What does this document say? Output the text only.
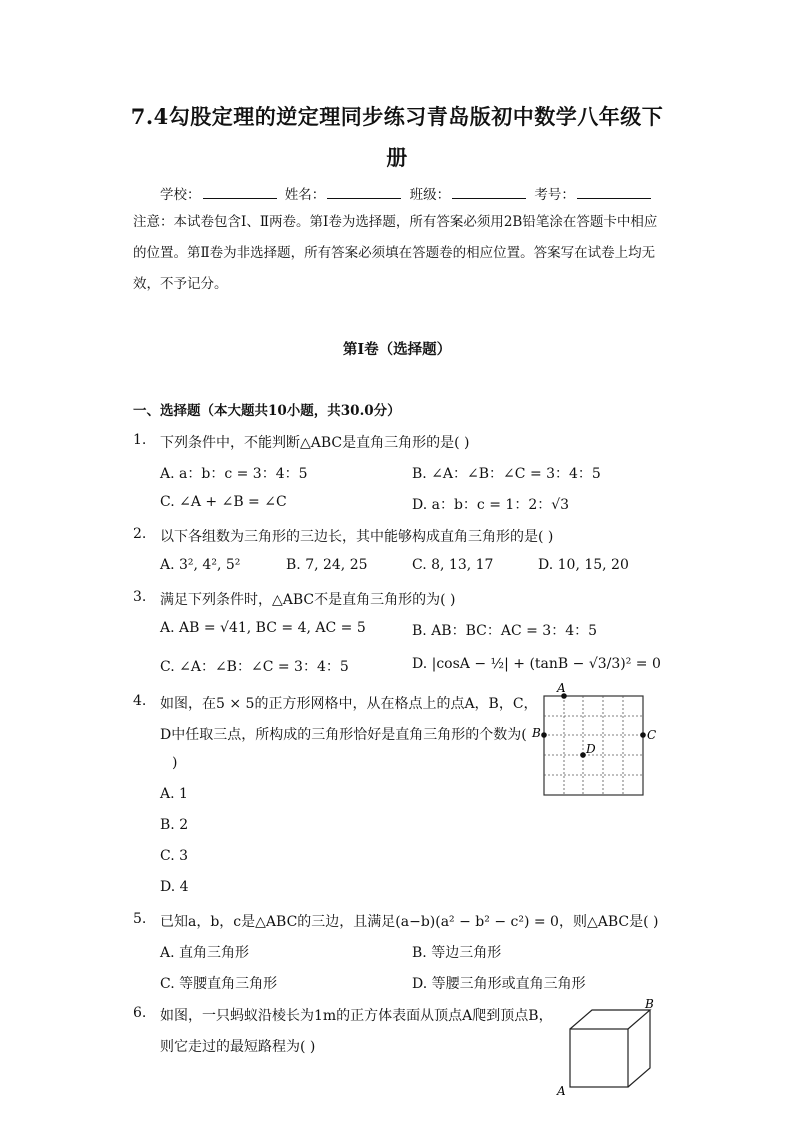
7.4勾股定理的逆定理同步练习青岛版初中数学八年级下
册
学校：	姓名：	班级：	考号：
注意：本试卷包含Ⅰ、Ⅱ两卷。第Ⅰ卷为选择题，所有答案必须用2B铅笔涂在答题卡中相应的位置。第Ⅱ卷为非选择题，所有答案必须填在答题卷的相应位置。答案写在试卷上均无效，不予记分。
第Ⅰ卷（选择题）
一、选择题（本大题共10小题，共30.0分）
1. 下列条件中，不能判断△ABC是直角三角形的是( )
A. a：b：c = 3：4：5	B. ∠A：∠B：∠C = 3：4：5
C. ∠A + ∠B = ∠C	D. a：b：c = 1：2：√3
2. 以下各组数为三角形的三边长，其中能够构成直角三角形的是( )
A. 3², 4², 5²	B. 7, 24, 25	C. 8, 13, 17	D. 10, 15, 20
3. 满足下列条件时，△ABC不是直角三角形的为( )
A. AB = √41, BC = 4, AC = 5	B. AB：BC：AC = 3：4：5
C. ∠A：∠B：∠C = 3：4：5	D. |cosA − ½| + (tanB − √3/3)² = 0
4. 如图，在5 × 5的正方形网格中，从在格点上的点A，B，C，
D中任取三点，所构成的三角形恰好是直角三角形的个数为(
)
A. 1
B. 2
C. 3
D. 4
A
B	C
D
5. 已知a，b，c是△ABC的三边，且满足(a−b)(a² − b² − c²) = 0，则△ABC是( )
A. 直角三角形	B. 等边三角形
C. 等腰直角三角形	D. 等腰三角形或直角三角形
6. 如图，一只蚂蚁沿棱长为1m的正方体表面从顶点A爬到顶点B，
则它走过的最短路程为( )
B
A
